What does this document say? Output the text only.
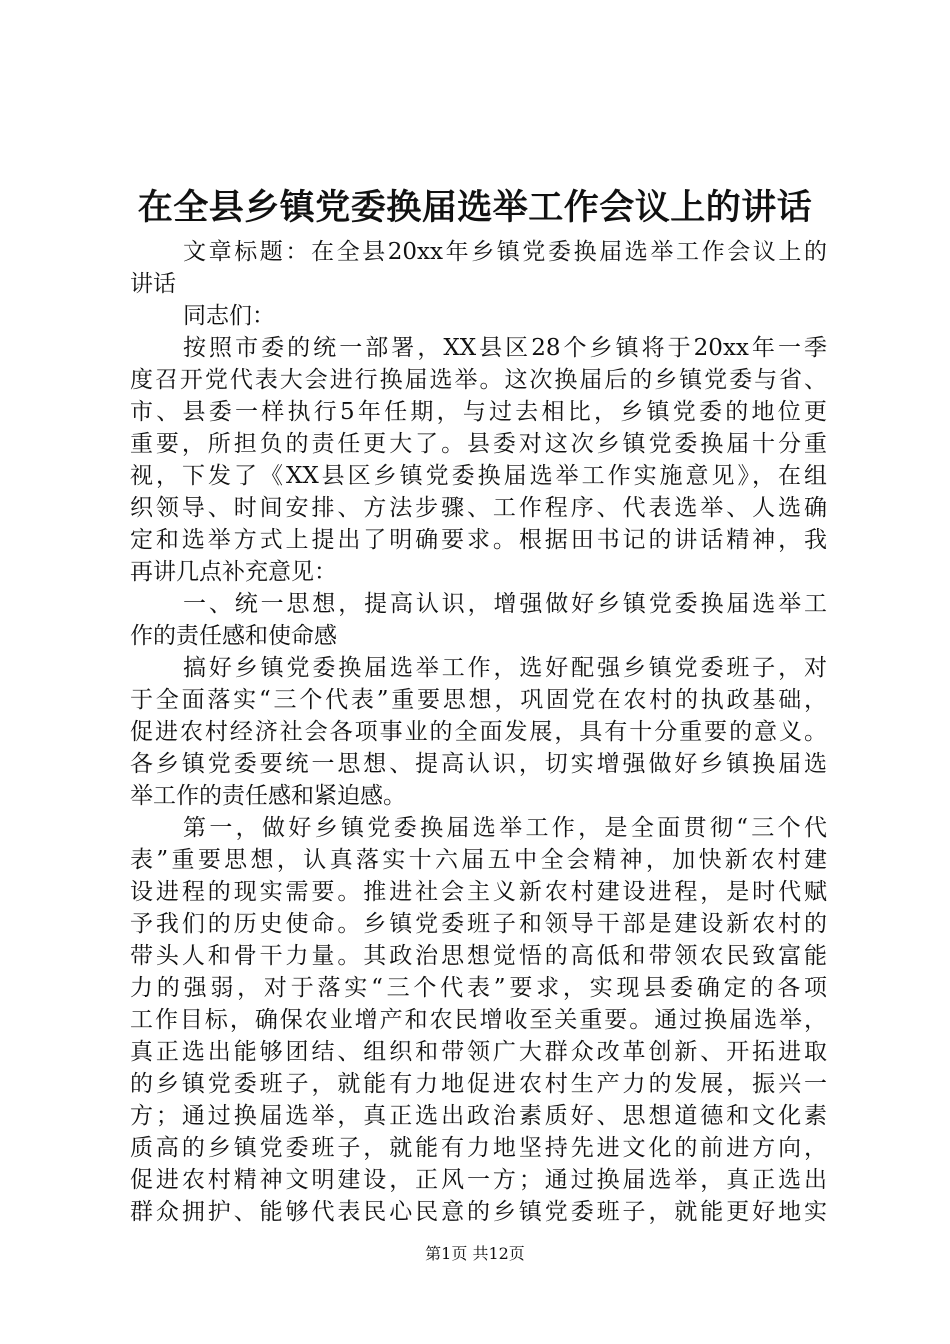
在全县乡镇党委换届选举工作会议上的讲话
文章标题：在全县20xx年乡镇党委换届选举工作会议上的
讲话
同志们：
按照市委的统一部署，XX县区28个乡镇将于20xx年一季
度召开党代表大会进行换届选举。这次换届后的乡镇党委与省、
市、县委一样执行5年任期，与过去相比，乡镇党委的地位更
重要，所担负的责任更大了。县委对这次乡镇党委换届十分重
视，下发了《XX县区乡镇党委换届选举工作实施意见》，在组
织领导、时间安排、方法步骤、工作程序、代表选举、人选确
定和选举方式上提出了明确要求。根据田书记的讲话精神，我
再讲几点补充意见：
一、统一思想，提高认识，增强做好乡镇党委换届选举工
作的责任感和使命感
搞好乡镇党委换届选举工作，选好配强乡镇党委班子，对
于全面落实“三个代表”重要思想，巩固党在农村的执政基础，
促进农村经济社会各项事业的全面发展，具有十分重要的意义。
各乡镇党委要统一思想、提高认识，切实增强做好乡镇换届选
举工作的责任感和紧迫感。
第一，做好乡镇党委换届选举工作，是全面贯彻“三个代
表”重要思想，认真落实十六届五中全会精神，加快新农村建
设进程的现实需要。推进社会主义新农村建设进程，是时代赋
予我们的历史使命。乡镇党委班子和领导干部是建设新农村的
带头人和骨干力量。其政治思想觉悟的高低和带领农民致富能
力的强弱，对于落实“三个代表”要求，实现县委确定的各项
工作目标，确保农业增产和农民增收至关重要。通过换届选举，
真正选出能够团结、组织和带领广大群众改革创新、开拓进取
的乡镇党委班子，就能有力地促进农村生产力的发展，振兴一
方；通过换届选举，真正选出政治素质好、思想道德和文化素
质高的乡镇党委班子，就能有力地坚持先进文化的前进方向，
促进农村精神文明建设，正风一方；通过换届选举，真正选出
群众拥护、能够代表民心民意的乡镇党委班子，就能更好地实
第1页 共12页
